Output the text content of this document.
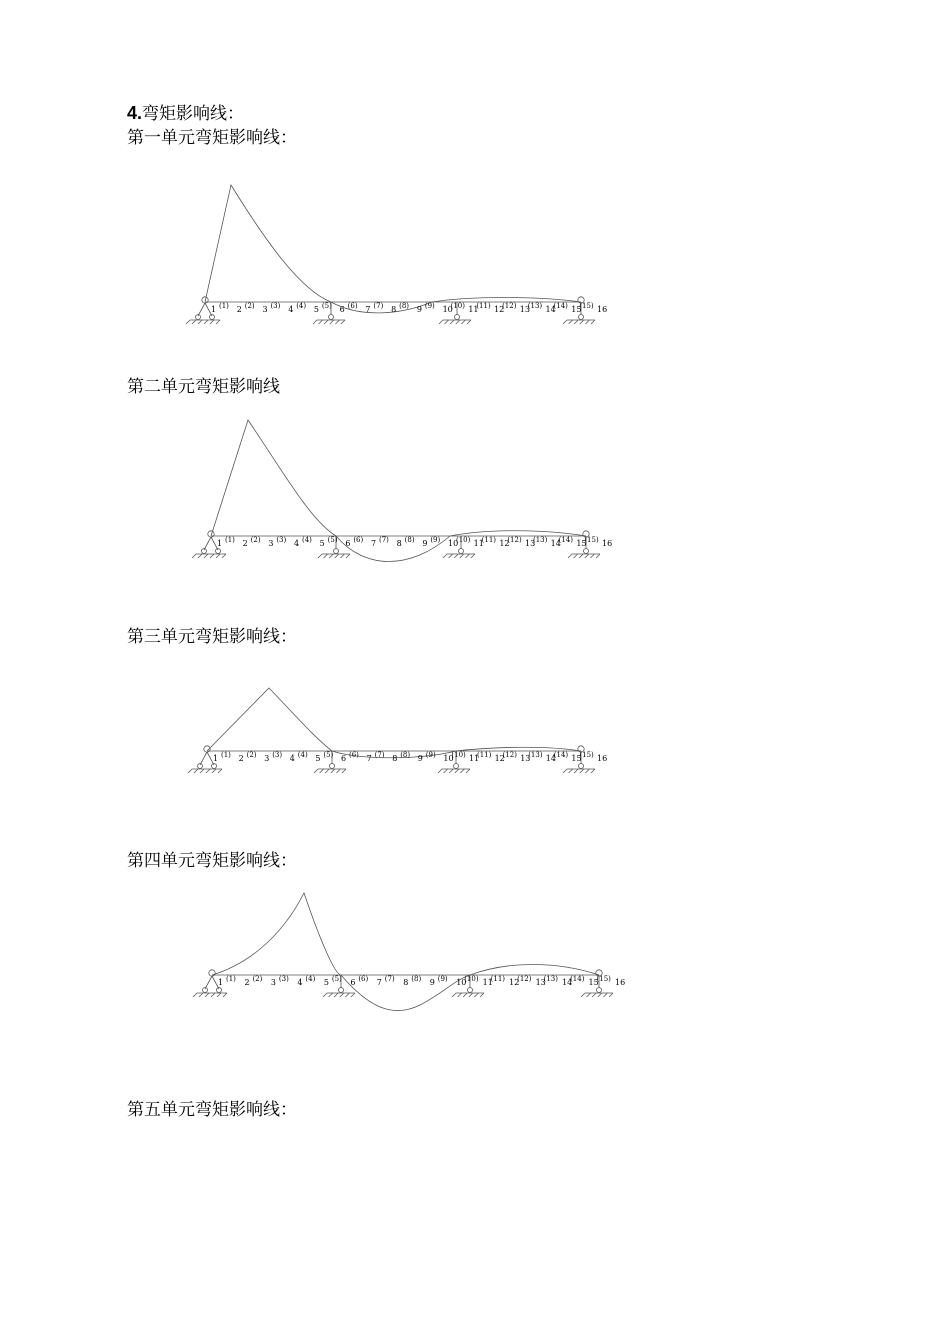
4.弯矩影响线：
第一单元弯矩影响线：
1	2	3	4	5	6	7	8	9	10 11 12 13 14 15 16
(1) (2) (3) (4) (5) (6) (7) (8) (9) (10) (11) (12) (13) (14) (15)
第二单元弯矩影响线
1	2	3	4	5	6	7	8	9	10 11 12 13 14 15 16
(1) (2) (3) (4) (5) (6) (7) (8) (9) (10) (11) (12) (13) (14) (15)
第三单元弯矩影响线：
1	2	3	4	5	6	7	8	9	10 11 12 13 14 15 16
(1) (2) (3) (4) (5) (6) (7) (8) (9) (10) (11) (12) (13) (14) (15)
第四单元弯矩影响线：
1	2	3	4	5	6	7	8	9	10 11 12 13 14 15 16
(1) (2) (3) (4) (5) (6) (7) (8) (9) (10) (11) (12) (13) (14) (15)
第五单元弯矩影响线：
